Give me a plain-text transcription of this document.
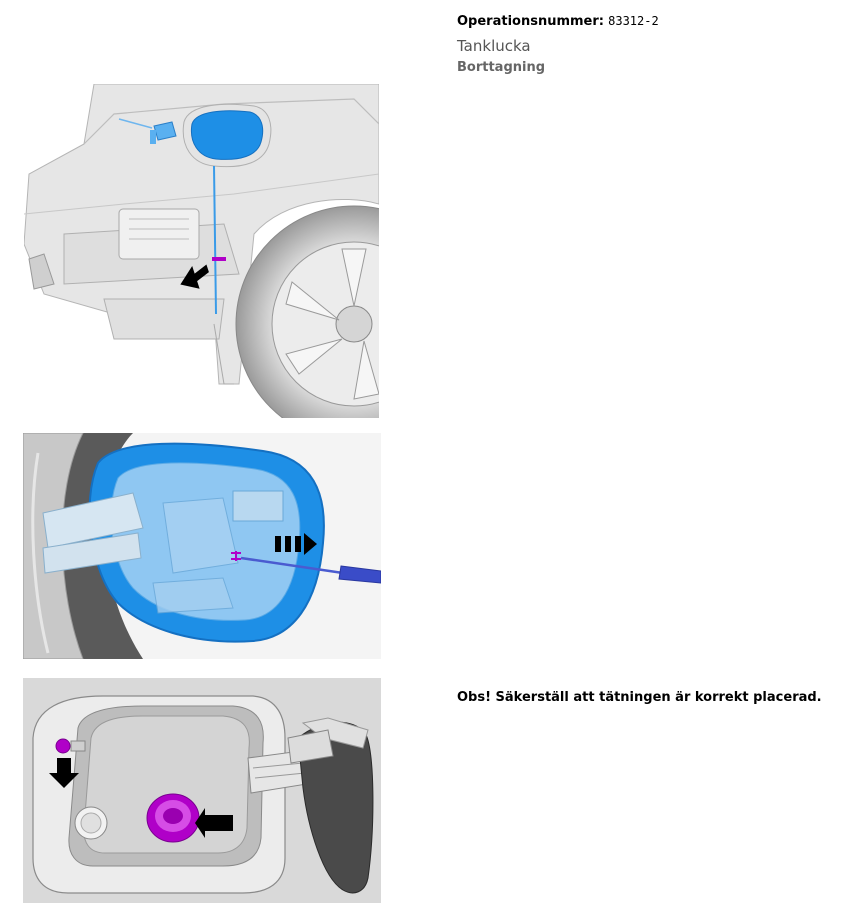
Operationsnummer: 83312-2
Tanklucka
Borttagning
Obs! Säkerställ att tätningen är korrekt placerad.
